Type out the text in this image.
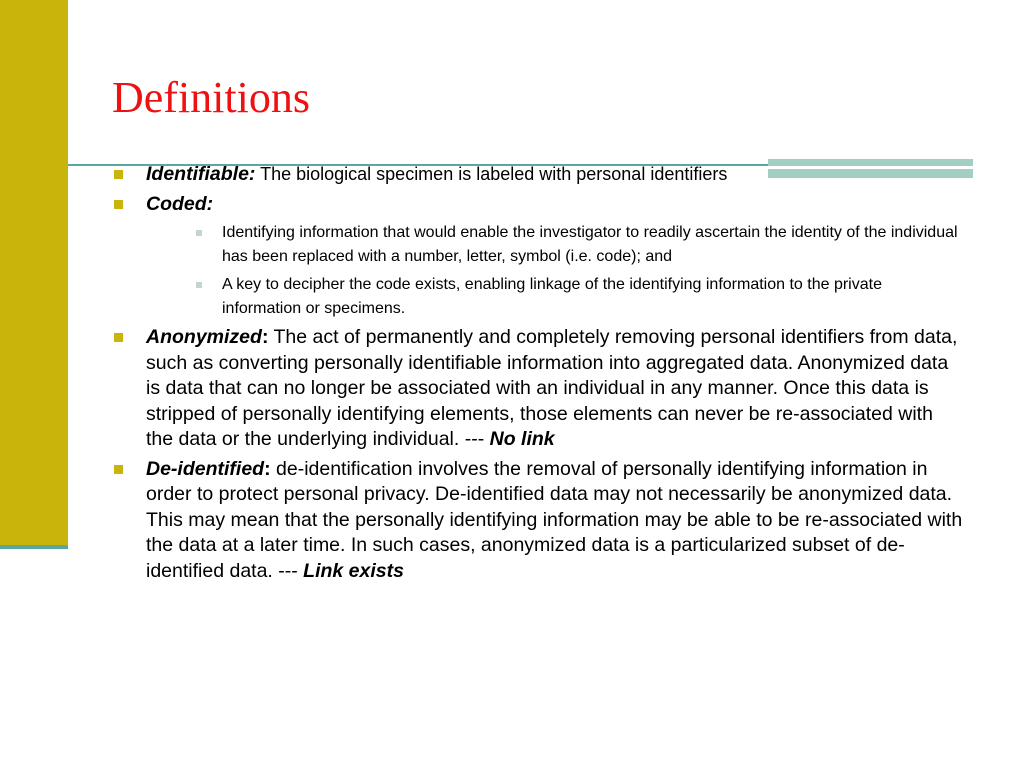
Definitions
Identifiable: The biological specimen is labeled with personal identifiers
Coded:
Identifying information that would enable the investigator to readily ascertain the identity of the individual has been replaced with a number, letter, symbol (i.e. code); and
A key to decipher the code exists, enabling linkage of the identifying information to the private information or specimens.
Anonymized: The act of permanently and completely removing personal identifiers from data, such as converting personally identifiable information into aggregated data. Anonymized data is data that can no longer be associated with an individual in any manner. Once this data is stripped of personally identifying elements, those elements can never be re-associated with the data or the underlying individual. --- No link
De-identified: de-identification involves the removal of personally identifying information in order to protect personal privacy. De-identified data may not necessarily be anonymized data. This may mean that the personally identifying information may be able to be re-associated with the data at a later time. In such cases, anonymized data is a particularized subset of de-identified data. --- Link exists
